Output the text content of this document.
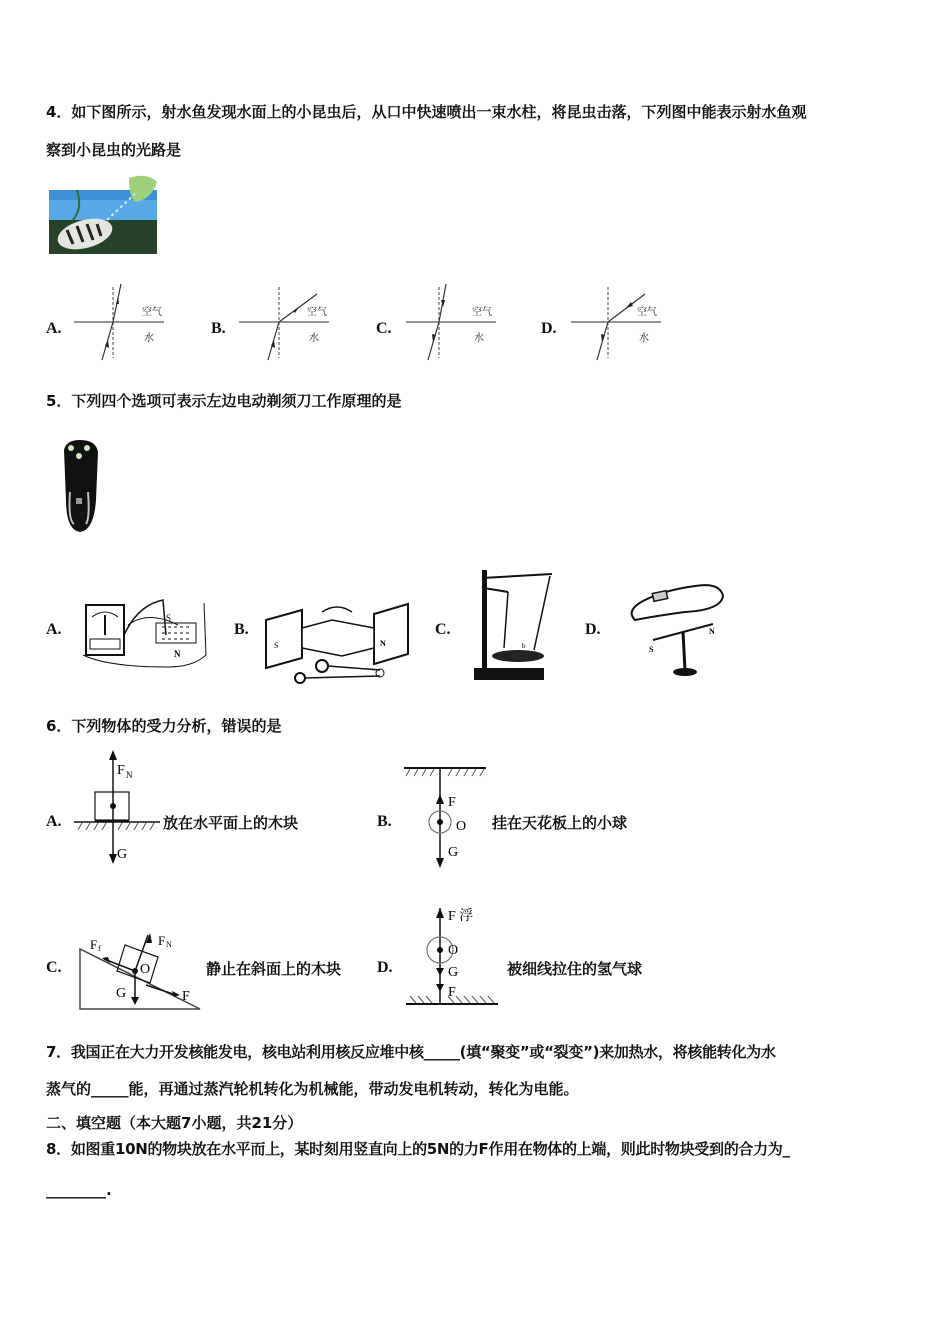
4．如下图所示，射水鱼发现水面上的小昆虫后，从口中快速喷出一束水柱，将昆虫击落，下列图中能表示射水鱼观
察到小昆虫的光路是
A.
空气
水
B.
空气
水
C.
空气
水
D.
空气
水
5．下列四个选项可表示左边电动剃须刀工作原理的是
A.
S
N
B.
S	N
C.
b
D.
S
N
6．下列物体的受力分析，错误的是
A.
F N
G
放在水平面上的木块	B.
F
O
G
挂在天花板上的小球
C.
F f
F N
O
G	F
静止在斜面上的木块 D.
F 浮
O
G
F
被细线拉住的氢气球
7．我国正在大力开发核能发电，核电站利用核反应堆中核_____(填“聚变”或“裂变”)来加热水，将核能转化为水
蒸气的_____能，再通过蒸汽轮机转化为机械能，带动发电机转动，转化为电能。
二、填空题（本大题7小题，共21分）
8．如图重10N的物块放在水平而上，某时刻用竖直向上的5N的力F作用在物体的上端，则此时物块受到的合力为_
________.
